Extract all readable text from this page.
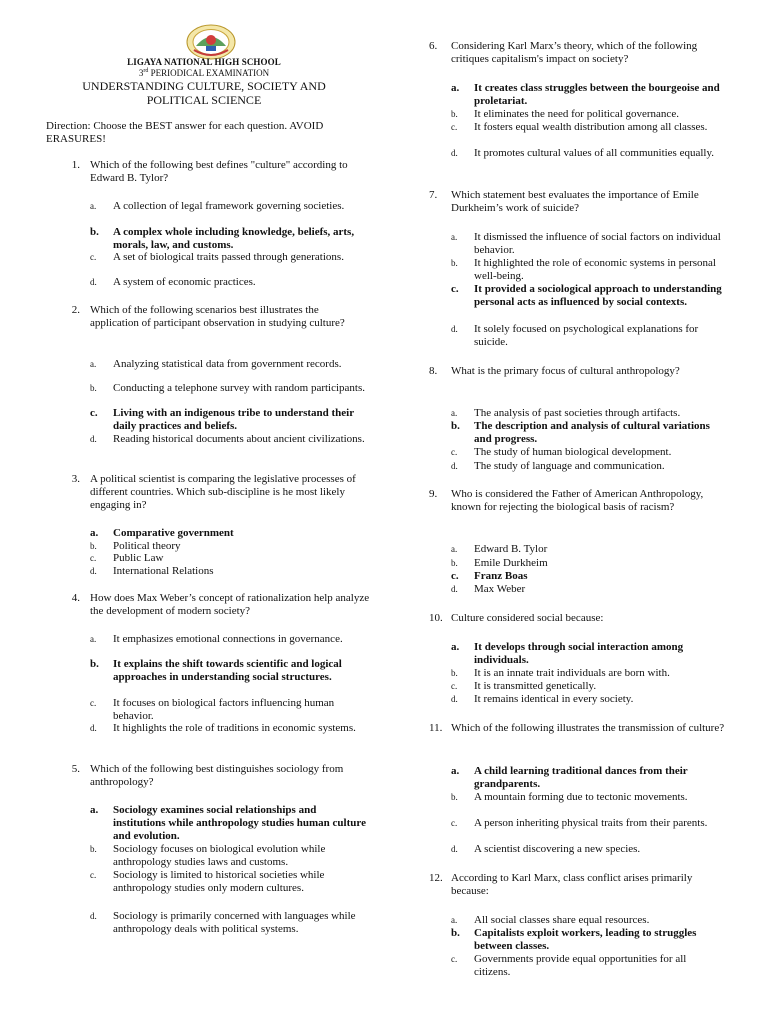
LIGAYA NATIONAL HIGH SCHOOL
3rd PERIODICAL EXAMINATION
UNDERSTANDING CULTURE, SOCIETY AND
POLITICAL SCIENCE
Direction: Choose the BEST answer for each question. AVOID ERASURES!
1. Which of the following best defines "culture" according to Edward B. Tylor?
a. A collection of legal framework governing societies.
b. A complex whole including knowledge, beliefs, arts, morals, law, and customs.
c. A set of biological traits passed through generations.
d. A system of economic practices.
2. Which of the following scenarios best illustrates the application of participant observation in studying culture?
a. Analyzing statistical data from government records.
b. Conducting a telephone survey with random participants.
c. Living with an indigenous tribe to understand their daily practices and beliefs.
d. Reading historical documents about ancient civilizations.
3. A political scientist is comparing the legislative processes of different countries. Which sub-discipline is he most likely engaging in?
a. Comparative government
b. Political theory
c. Public Law
d. International Relations
4. How does Max Weber’s concept of rationalization help analyze the development of modern society?
a. It emphasizes emotional connections in governance.
b. It explains the shift towards scientific and logical approaches in understanding social structures.
c. It focuses on biological factors influencing human behavior.
d. It highlights the role of traditions in economic systems.
5. Which of the following best distinguishes sociology from anthropology?
a. Sociology examines social relationships and institutions while anthropology studies human culture and evolution.
b. Sociology focuses on biological evolution while anthropology studies laws and customs.
c. Sociology is limited to historical societies while anthropology studies only modern cultures.
d. Sociology is primarily concerned with languages while anthropology deals with political systems.
6.	Considering Karl Marx’s theory, which of the following critiques capitalism's impact on society?
a. It creates class struggles between the bourgeoise and proletariat.
b. It eliminates the need for political governance.
c. It fosters equal wealth distribution among all classes.
d. It promotes cultural values of all communities equally.
7.	Which statement best evaluates the importance of Emile Durkheim’s work of suicide?
a. It dismissed the influence of social factors on individual behavior.
b. It highlighted the role of economic systems in personal well-being.
c. It provided a sociological approach to understanding personal acts as influenced by social contexts.
d. It solely focused on psychological explanations for suicide.
8.	What is the primary focus of cultural anthropology?
a. The analysis of past societies through artifacts.
b. The description and analysis of cultural variations and progress.
c. The study of human biological development.
d. The study of language and communication.
9.	Who is considered the Father of American Anthropology, known for rejecting the biological basis of racism?
a. Edward B. Tylor
b. Emile Durkheim
c. Franz Boas
d. Max Weber
10. Culture considered social because:
a. It develops through social interaction among individuals.
b. It is an innate trait individuals are born with.
c. It is transmitted genetically.
d. It remains identical in every society.
11. Which of the following illustrates the transmission of culture?
a. A child learning traditional dances from their grandparents.
b. A mountain forming due to tectonic movements.
c. A person inheriting physical traits from their parents.
d. A scientist discovering a new species.
12. According to Karl Marx, class conflict arises primarily because:
a. All social classes share equal resources.
b. Capitalists exploit workers, leading to struggles between classes.
c. Governments provide equal opportunities for all citizens.
